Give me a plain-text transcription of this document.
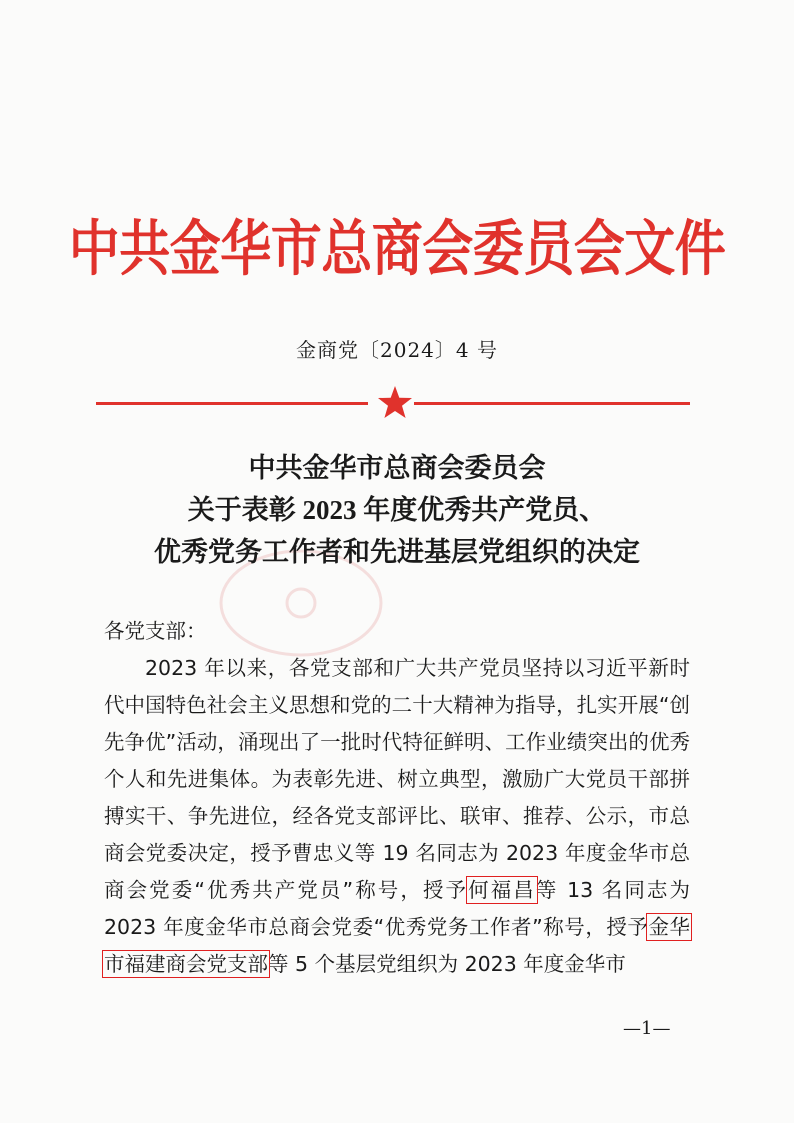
中共金华市总商会委员会文件
金商党〔2024〕4 号
中共金华市总商会委员会
关于表彰 2023 年度优秀共产党员、
优秀党务工作者和先进基层党组织的决定

各党支部：

2023 年以来，各党支部和广大共产党员坚持以习近平新时代中国特色社会主义思想和党的二十大精神为指导，扎实开展“创先争优”活动，涌现出了一批时代特征鲜明、工作业绩突出的优秀个人和先进集体。为表彰先进、树立典型，激励广大党员干部拼搏实干、争先进位，经各党支部评比、联审、推荐、公示，市总商会党委决定，授予曹忠义等 19 名同志为 2023 年度金华市总商会党委“优秀共产党员”称号，授予何福昌等 13 名同志为 2023 年度金华市总商会党委“优秀党务工作者”称号，授予金华市福建商会党支部等 5 个基层党组织为 2023 年度金华市

—1—
